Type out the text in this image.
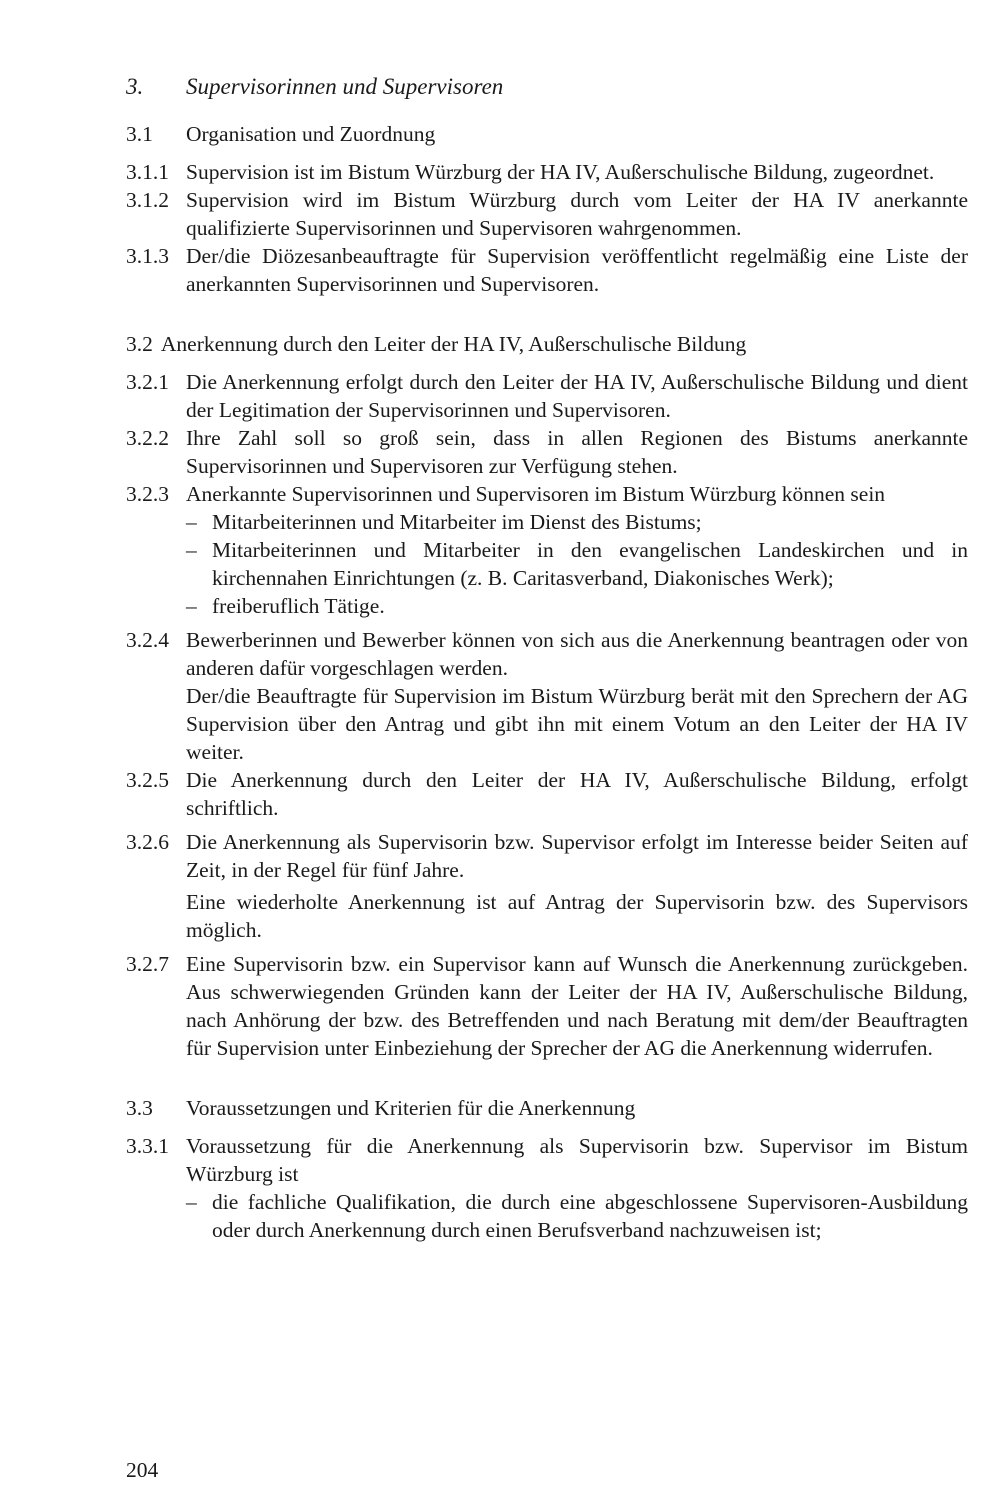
3.	Supervisorinnen und Supervisoren
3.1	Organisation und Zuordnung
3.1.1 Supervision ist im Bistum Würzburg der HA IV, Außerschulische Bildung, zugeordnet.
3.1.2 Supervision wird im Bistum Würzburg durch vom Leiter der HA IV anerkannte qualifizierte Supervisorinnen und Supervisoren wahrgenommen.
3.1.3 Der/die Diözesanbeauftragte für Supervision veröffentlicht regelmäßig eine Liste der anerkannten Supervisorinnen und Supervisoren.
3.2 Anerkennung durch den Leiter der HA IV, Außerschulische Bildung
3.2.1 Die Anerkennung erfolgt durch den Leiter der HA IV, Außerschulische Bildung und dient der Legitimation der Supervisorinnen und Supervisoren.
3.2.2 Ihre Zahl soll so groß sein, dass in allen Regionen des Bistums anerkannte Supervisorinnen und Supervisoren zur Verfügung stehen.
3.2.3 Anerkannte Supervisorinnen und Supervisoren im Bistum Würzburg können sein
– Mitarbeiterinnen und Mitarbeiter im Dienst des Bistums;
– Mitarbeiterinnen und Mitarbeiter in den evangelischen Landeskirchen und in kirchennahen Einrichtungen (z. B. Caritasverband, Diakonisches Werk);
– freiberuflich Tätige.
3.2.4 Bewerberinnen und Bewerber können von sich aus die Anerkennung beantragen oder von anderen dafür vorgeschlagen werden.
Der/die Beauftragte für Supervision im Bistum Würzburg berät mit den Sprechern der AG Supervision über den Antrag und gibt ihn mit einem Votum an den Leiter der HA IV weiter.
3.2.5 Die Anerkennung durch den Leiter der HA IV, Außerschulische Bildung, erfolgt schriftlich.
3.2.6 Die Anerkennung als Supervisorin bzw. Supervisor erfolgt im Interesse beider Seiten auf Zeit, in der Regel für fünf Jahre.
Eine wiederholte Anerkennung ist auf Antrag der Supervisorin bzw. des Supervisors möglich.
3.2.7 Eine Supervisorin bzw. ein Supervisor kann auf Wunsch die Anerkennung zurückgeben. Aus schwerwiegenden Gründen kann der Leiter der HA IV, Außerschulische Bildung, nach Anhörung der bzw. des Betreffenden und nach Beratung mit dem/der Beauftragten für Supervision unter Einbeziehung der Sprecher der AG die Anerkennung widerrufen.
3.3	Voraussetzungen und Kriterien für die Anerkennung
3.3.1 Voraussetzung für die Anerkennung als Supervisorin bzw. Supervisor im Bistum Würzburg ist
– die fachliche Qualifikation, die durch eine abgeschlossene Supervisoren-Ausbildung oder durch Anerkennung durch einen Berufsverband nachzuweisen ist;
204
